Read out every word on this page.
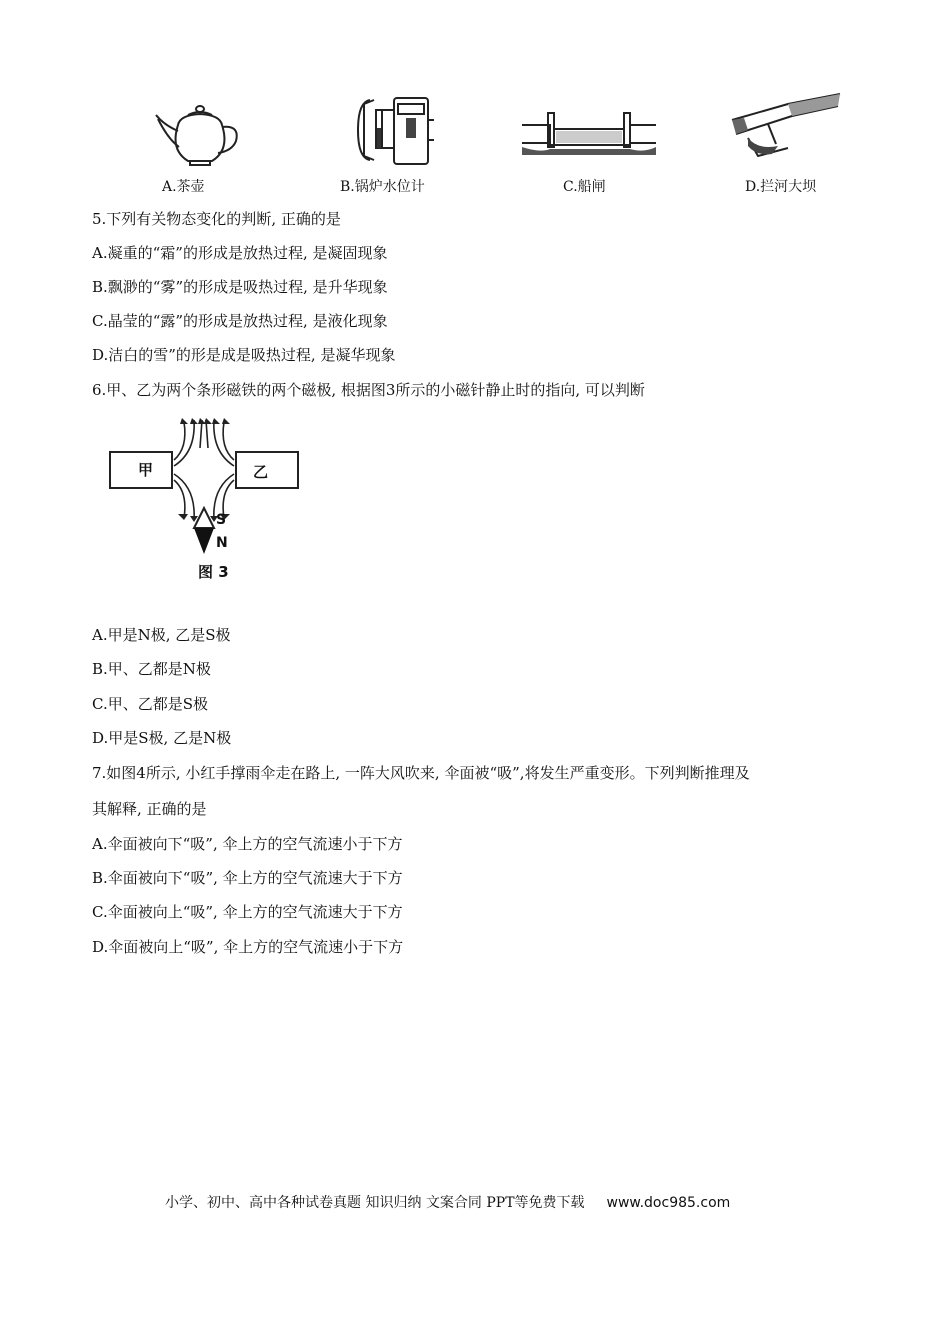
A.茶壶	B.锅炉水位计	C.船闸	D.拦河大坝
5.下列有关物态变化的判断, 正确的是
A.凝重的“霜”的形成是放热过程, 是凝固现象
B.飘渺的“雾”的形成是吸热过程, 是升华现象
C.晶莹的“露”的形成是放热过程, 是液化现象
D.洁白的雪”的形是成是吸热过程, 是凝华现象
6.甲、乙为两个条形磁铁的两个磁极, 根据图3所示的小磁针静止时的指向, 可以判断
甲	乙
S
N
图 3
A.甲是N极, 乙是S极
B.甲、乙都是N极
C.甲、乙都是S极
D.甲是S极, 乙是N极
7.如图4所示, 小红手撑雨伞走在路上, 一阵大风吹来, 伞面被“吸”,将发生严重变形。下列判断推理及
其解释, 正确的是
A.伞面被向下“吸”, 伞上方的空气流速小于下方
B.伞面被向下“吸”, 伞上方的空气流速大于下方
C.伞面被向上“吸”, 伞上方的空气流速大于下方
D.伞面被向上“吸”, 伞上方的空气流速小于下方
小学、初中、高中各种试卷真题 知识归纳 文案合同 PPT等免费下载 www.doc985.com
